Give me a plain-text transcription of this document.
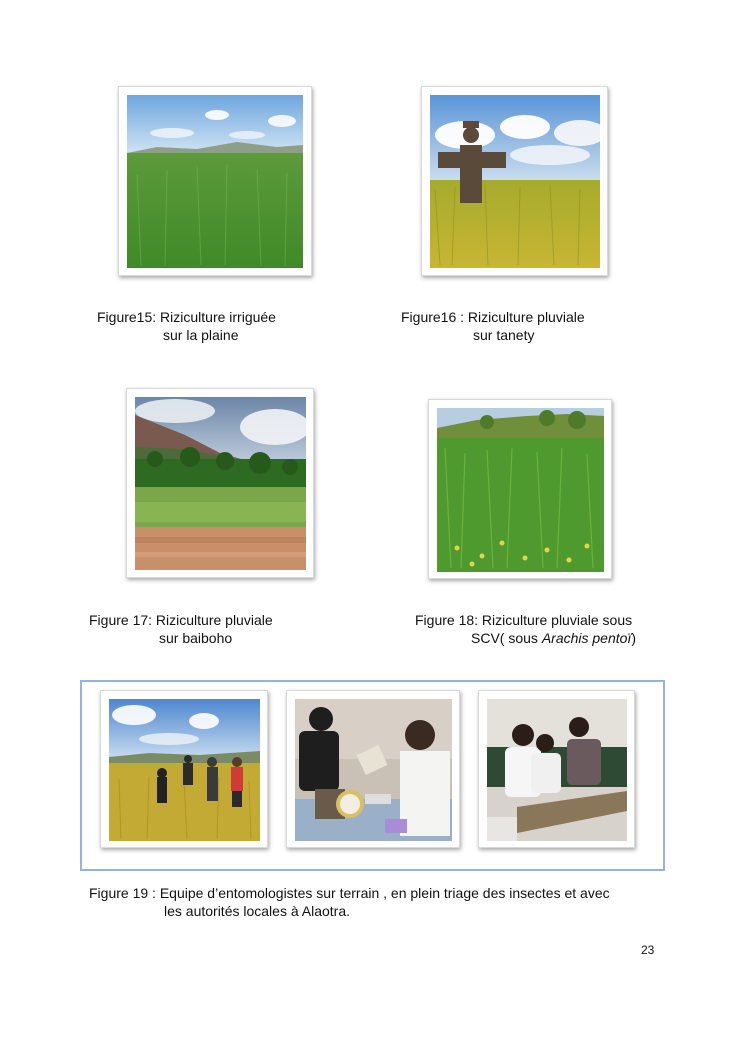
Figure15: Riziculture irriguée
sur la plaine
Figure16 : Riziculture pluviale
sur tanety
Figure 17: Riziculture pluviale
sur baiboho
Figure 18: Riziculture pluviale sous
SCV( sous Arachis pentoï)
Figure 19 : Equipe d’entomologistes sur terrain , en plein triage des insectes et avec
les autorités locales à Alaotra.
23
